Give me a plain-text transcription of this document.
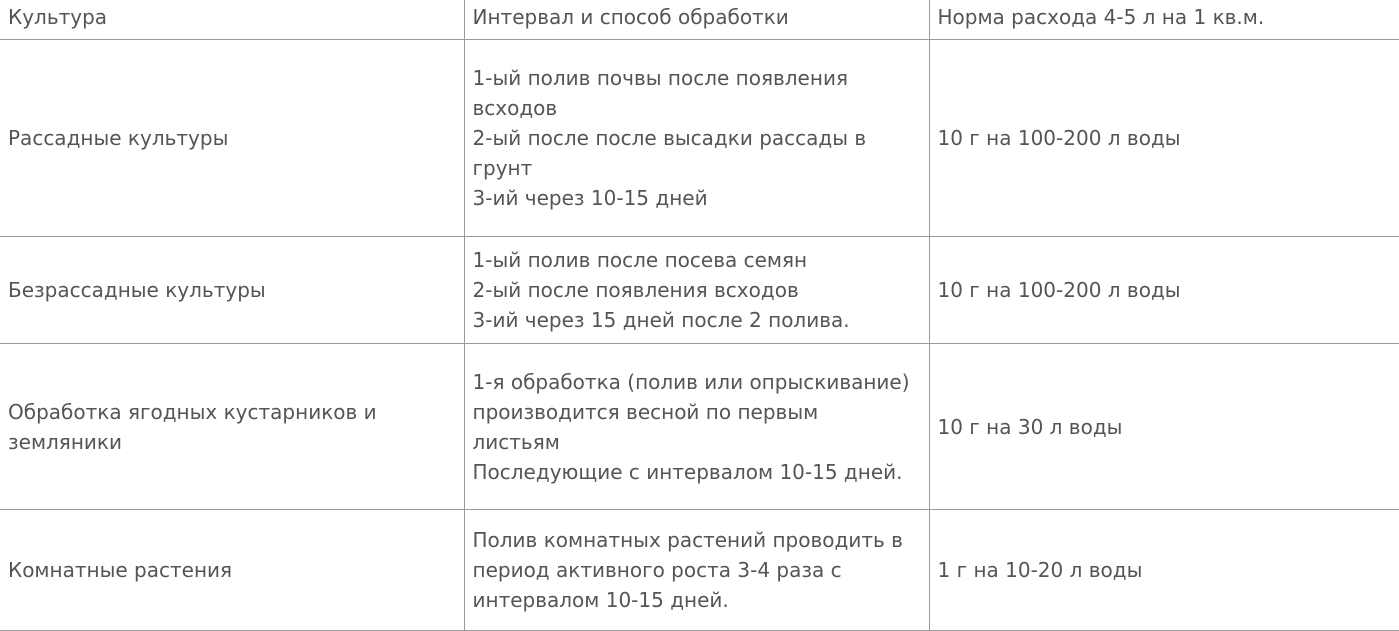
Культура	Интервал и способ обработки	Норма расхода 4-5 л на 1 кв.м.
Рассадные культуры	1-ый полив почвы после появления
всходов
2-ый после после высадки рассады в
грунт
3-ий через 10-15 дней	10 г на 100-200 л воды
Безрассадные культуры	1-ый полив после посева семян
2-ый после появления всходов
3-ий через 15 дней после 2 полива.	10 г на 100-200 л воды

Обработка ягодных кустарников и
земляники	1-я обработка (полив или опрыскивание)
производится весной по первым
листьям
Последующие с интервалом 10-15 дней.	10 г на 30 л воды
Комнатные растения	Полив комнатных растений проводить в
период активного роста 3-4 раза с
интервалом 10-15 дней.	1 г на 10-20 л воды
